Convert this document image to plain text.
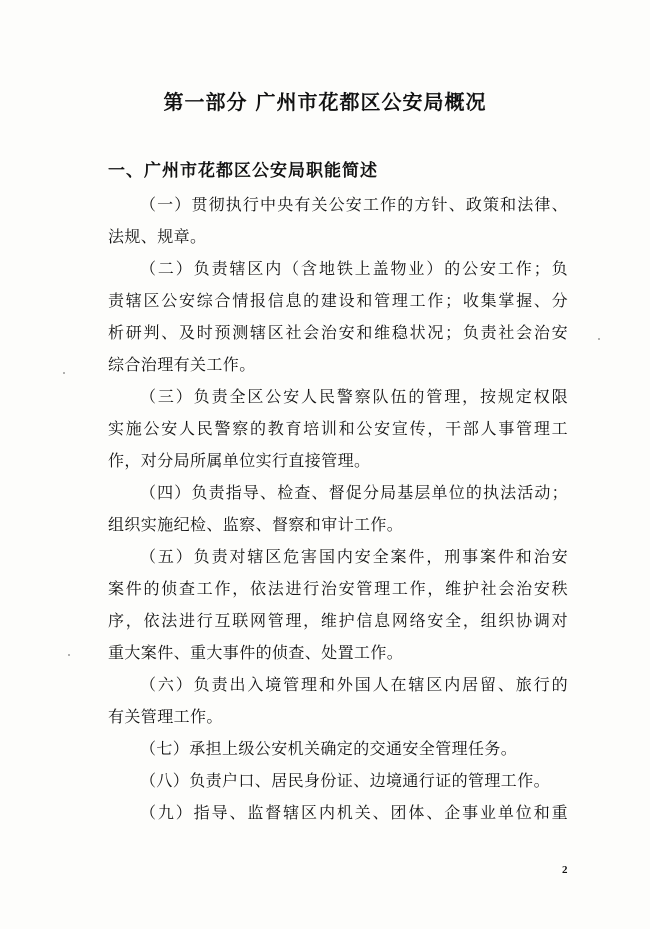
第一部分 广州市花都区公安局概况
一、广州市花都区公安局职能简述

（一）贯彻执行中央有关公安工作的方针、政策和法律、
法规、规章。

（二）负责辖区内（含地铁上盖物业）的公安工作；负
责辖区公安综合情报信息的建设和管理工作；收集掌握、分
析研判、及时预测辖区社会治安和维稳状况；负责社会治安
综合治理有关工作。

（三）负责全区公安人民警察队伍的管理，按规定权限
实施公安人民警察的教育培训和公安宣传，干部人事管理工
作，对分局所属单位实行直接管理。

（四）负责指导、检查、督促分局基层单位的执法活动；
组织实施纪检、监察、督察和审计工作。

（五）负责对辖区危害国内安全案件，刑事案件和治安
案件的侦查工作，依法进行治安管理工作，维护社会治安秩
序，依法进行互联网管理，维护信息网络安全，组织协调对
重大案件、重大事件的侦查、处置工作。

（六）负责出入境管理和外国人在辖区内居留、旅行的
有关管理工作。

（七）承担上级公安机关确定的交通安全管理任务。

（八）负责户口、居民身份证、边境通行证的管理工作。

（九）指导、监督辖区内机关、团体、企事业单位和重

2
